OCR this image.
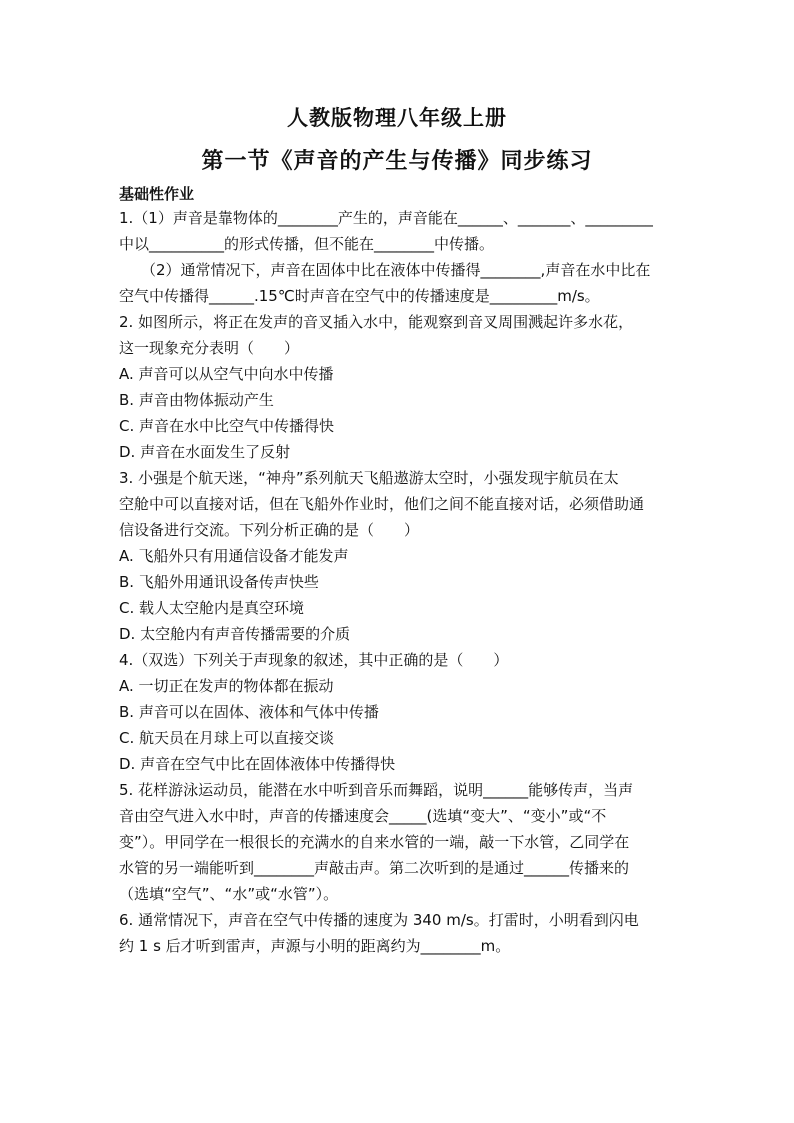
人教版物理八年级上册
第一节《声音的产生与传播》同步练习
基础性作业
1.（1）声音是靠物体的________产生的，声音能在______、_______、_________
中以__________的形式传播，但不能在________中传播。
（2）通常情况下，声音在固体中比在液体中传播得________,声音在水中比在
空气中传播得______.15℃时声音在空气中的传播速度是_________m/s。
2. 如图所示，将正在发声的音叉插入水中，能观察到音叉周围溅起许多水花，
这一现象充分表明（　　）
A. 声音可以从空气中向水中传播
B. 声音由物体振动产生
C. 声音在水中比空气中传播得快
D. 声音在水面发生了反射
3. 小强是个航天迷，“神舟”系列航天飞船遨游太空时，小强发现宇航员在太
空舱中可以直接对话，但在飞船外作业时，他们之间不能直接对话，必须借助通
信设备进行交流。下列分析正确的是（　　）
A. 飞船外只有用通信设备才能发声
B. 飞船外用通讯设备传声快些
C. 载人太空舱内是真空环境
D. 太空舱内有声音传播需要的介质
4.（双选）下列关于声现象的叙述，其中正确的是（　　）
A. 一切正在发声的物体都在振动
B. 声音可以在固体、液体和气体中传播
C. 航天员在月球上可以直接交谈
D. 声音在空气中比在固体液体中传播得快
5. 花样游泳运动员，能潜在水中听到音乐而舞蹈，说明______能够传声，当声
音由空气进入水中时，声音的传播速度会_____(选填“变大”、“变小”或“不
变”）。甲同学在一根很长的充满水的自来水管的一端，敲一下水管，乙同学在
水管的另一端能听到________声敲击声。第二次听到的是通过______传播来的
（选填“空气”、“水”或“水管”）。
6. 通常情况下，声音在空气中传播的速度为 340 m/s。打雷时，小明看到闪电
约 1 s 后才听到雷声，声源与小明的距离约为________m。
